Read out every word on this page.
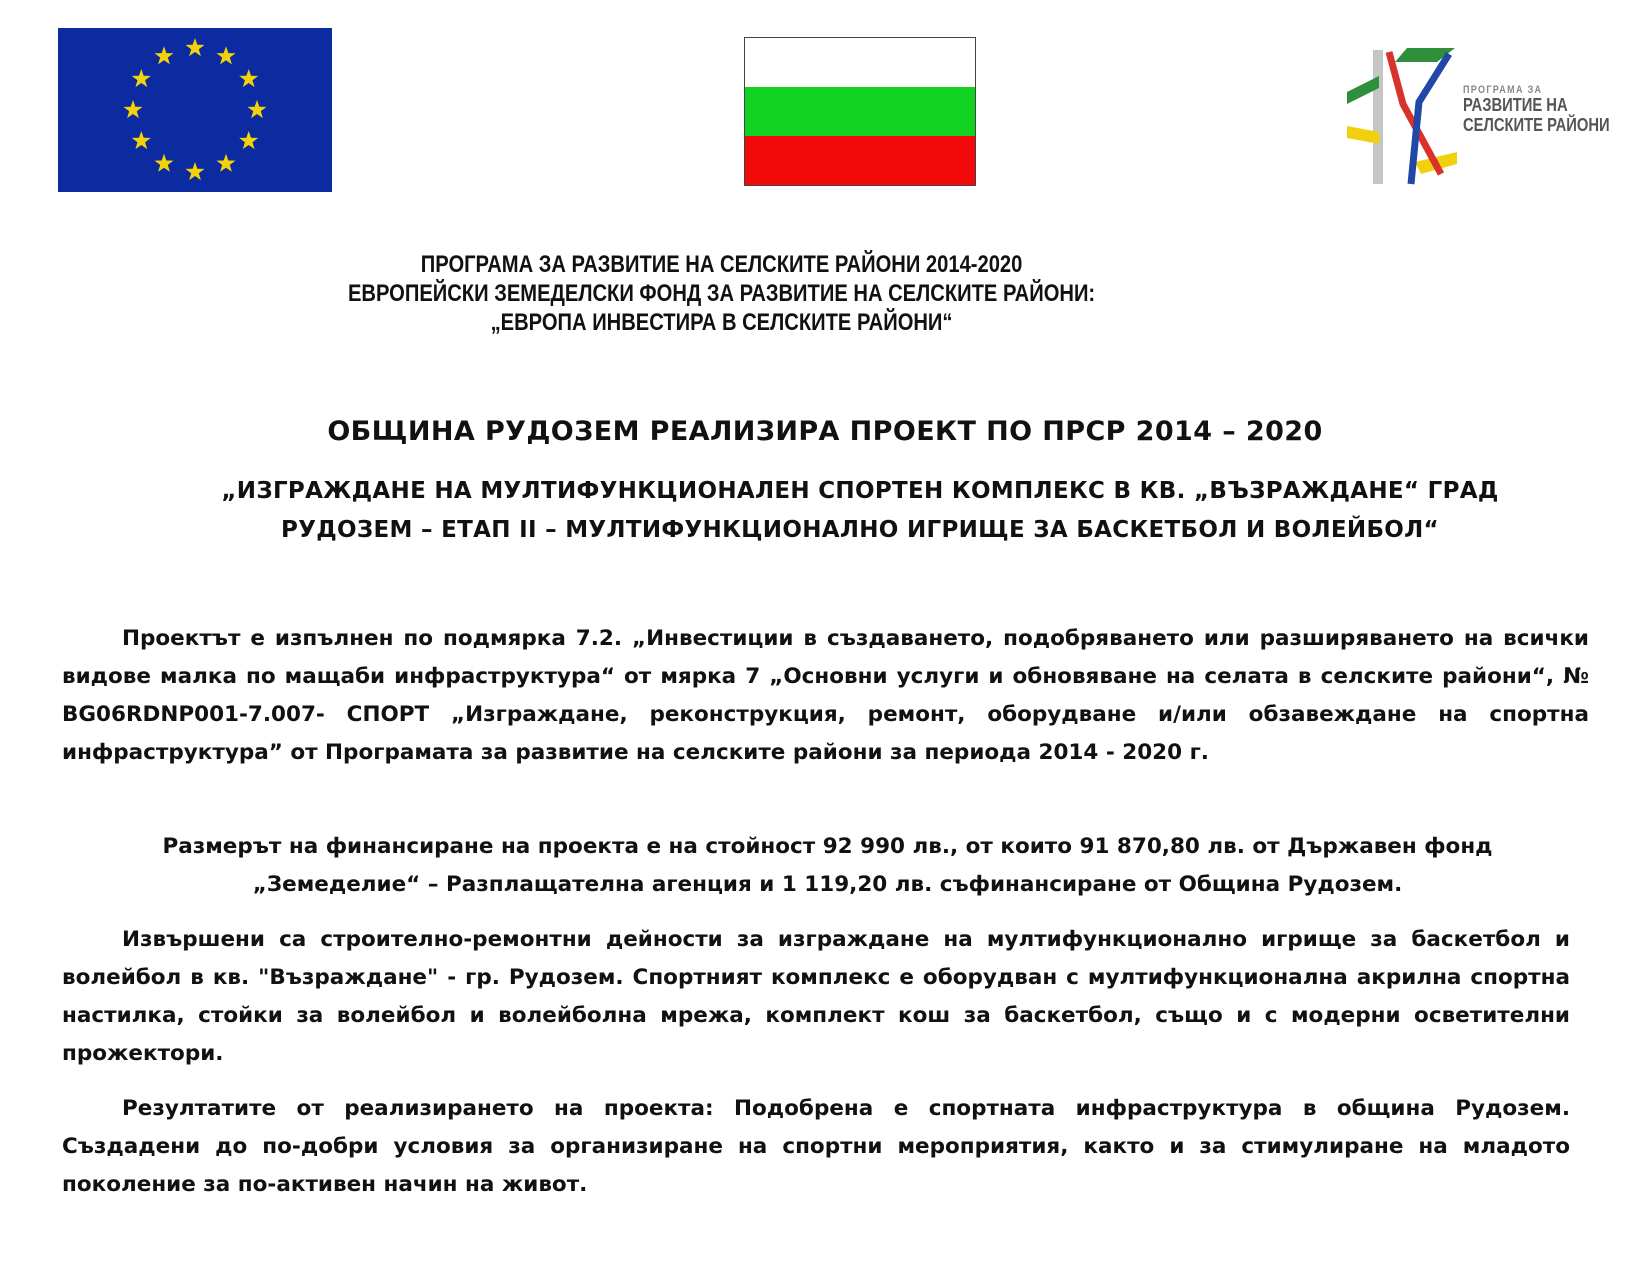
ПРОГРАМА ЗА
РАЗВИТИЕ НА
СЕЛСКИТЕ РАЙОНИ
ПРОГРАМА ЗА РАЗВИТИЕ НА СЕЛСКИТЕ РАЙОНИ 2014-2020
ЕВРОПЕЙСКИ ЗЕМЕДЕЛСКИ ФОНД ЗА РАЗВИТИЕ НА СЕЛСКИТЕ РАЙОНИ:
„ЕВРОПА ИНВЕСТИРА В СЕЛСКИТЕ РАЙОНИ“
ОБЩИНА РУДОЗЕМ РЕАЛИЗИРА ПРОЕКТ ПО ПРСР 2014 – 2020
„ИЗГРАЖДАНЕ НА МУЛТИФУНКЦИОНАЛЕН СПОРТЕН КОМПЛЕКС В КВ. „ВЪЗРАЖДАНЕ“ ГРАД РУДОЗЕМ – ЕТАП II – МУЛТИФУНКЦИОНАЛНО ИГРИЩЕ ЗА БАСКЕТБОЛ И ВОЛЕЙБОЛ“
Проектът е изпълнен по подмярка 7.2. „Инвестиции в създаването, подобряването или разширяването на всички видове малка по мащаби инфраструктура“ от мярка 7 „Основни услуги и обновяване на селата в селските райони“, № BG06RDNP001-7.007- СПОРТ „Изграждане, реконструкция, ремонт, оборудване и/или обзавеждане на спортна инфраструктура” от Програмата за развитие на селските райони за периода 2014 - 2020 г.
Размерът на финансиране на проекта е на стойност 92 990 лв., от които 91 870,80 лв. от Държавен фонд „Земеделие“ – Разплащателна агенция и 1 119,20 лв. съфинансиране от Община Рудозем.
Извършени са строително-ремонтни дейности за изграждане на мултифункционално игрище за баскетбол и волейбол в кв. "Възраждане" - гр. Рудозем. Спортният комплекс е оборудван с мултифункционална акрилна спортна настилка, стойки за волейбол и волейболна мрежа, комплект кош за баскетбол, също и с модерни осветителни прожектори.
Резултатите от реализирането на проекта: Подобрена е спортната инфраструктура в община Рудозем. Създадени до по-добри условия за организиране на спортни мероприятия, както и за стимулиране на младото поколение за по-активен начин на живот.
